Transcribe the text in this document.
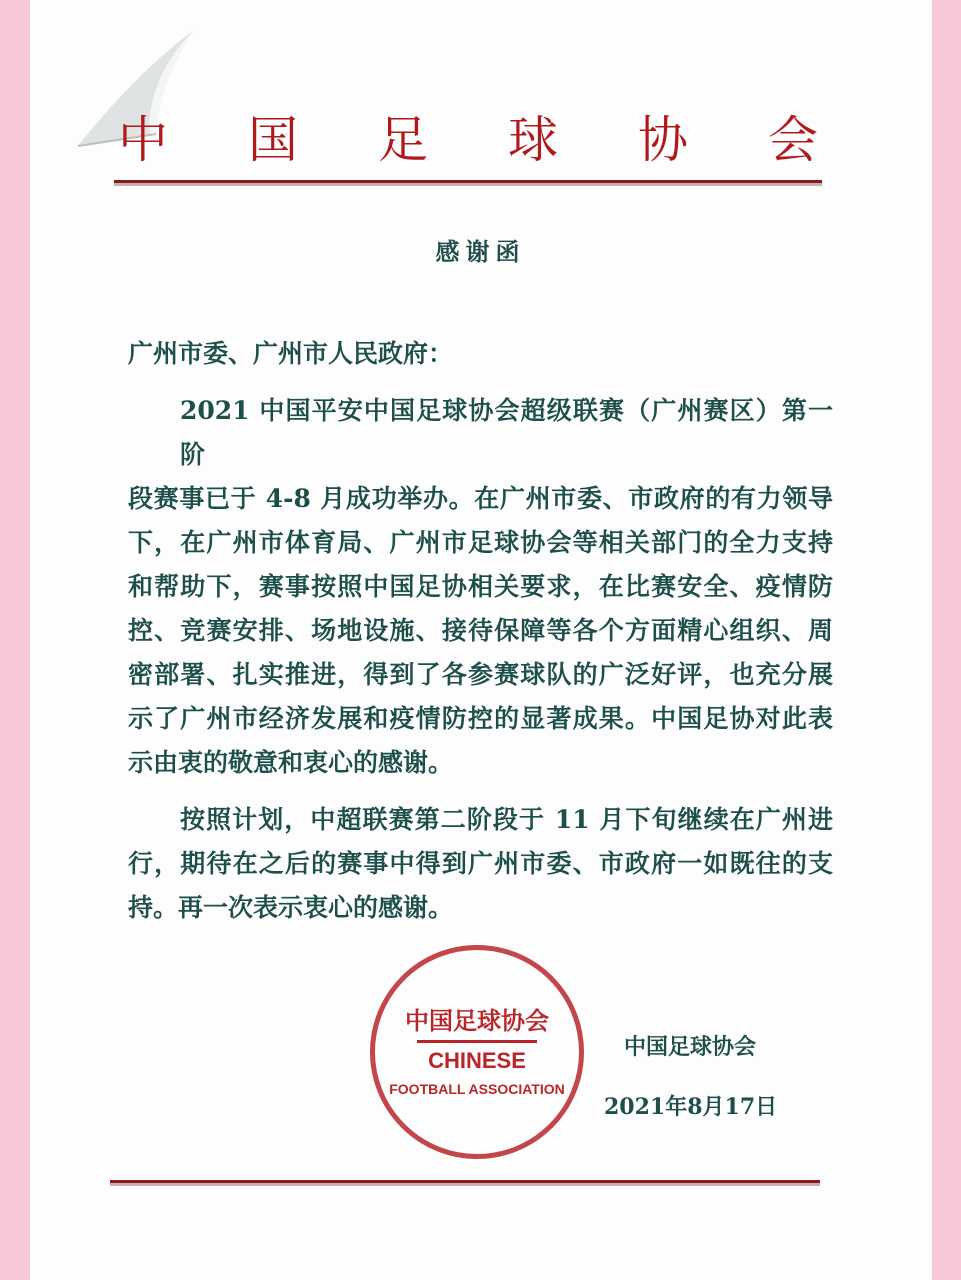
中 国 足 球 协 会
感谢函
广州市委、广州市人民政府：
2021 中国平安中国足球协会超级联赛（广州赛区）第一阶
段赛事已于 4-8 月成功举办。在广州市委、市政府的有力领导
下，在广州市体育局、广州市足球协会等相关部门的全力支持
和帮助下，赛事按照中国足协相关要求，在比赛安全、疫情防
控、竞赛安排、场地设施、接待保障等各个方面精心组织、周
密部署、扎实推进，得到了各参赛球队的广泛好评，也充分展
示了广州市经济发展和疫情防控的显著成果。中国足协对此表
示由衷的敬意和衷心的感谢。
按照计划，中超联赛第二阶段于 11 月下旬继续在广州进
行，期待在之后的赛事中得到广州市委、市政府一如既往的支
持。再一次表示衷心的感谢。
中国足球协会
CHINESE
FOOTBALL ASSOCIATION
中国足球协会
2021年8月17日
